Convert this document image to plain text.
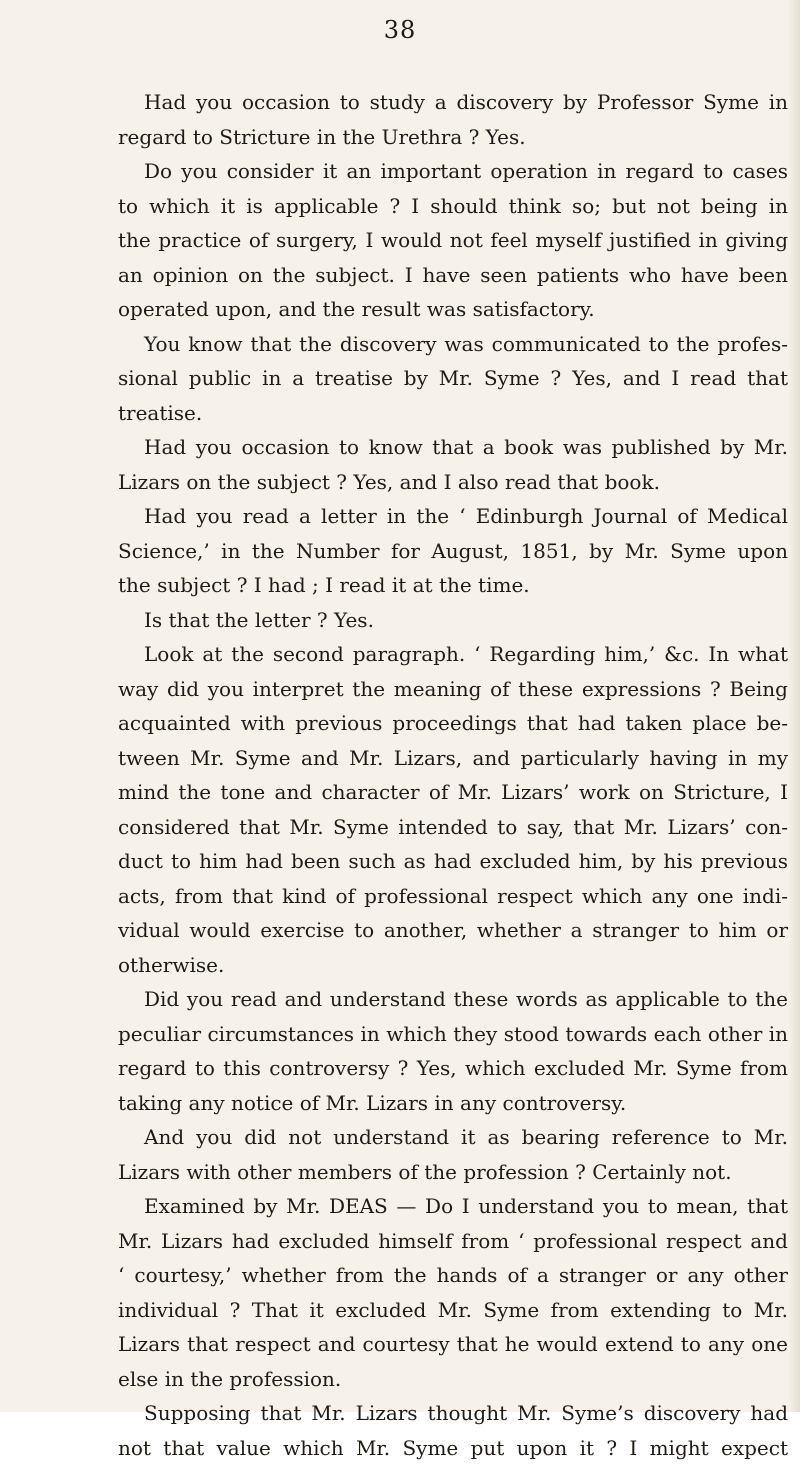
38
Had you occasion to study a discovery by Professor Syme in
regard to Stricture in the Urethra ? Yes.
Do you consider it an important operation in regard to cases
to which it is applicable ? I should think so; but not being in
the practice of surgery, I would not feel myself justified in giving
an opinion on the subject. I have seen patients who have been
operated upon, and the result was satisfactory.
You know that the discovery was communicated to the profes-
sional public in a treatise by Mr. Syme ? Yes, and I read that
treatise.
Had you occasion to know that a book was published by Mr.
Lizars on the subject ? Yes, and I also read that book.
Had you read a letter in the ‘ Edinburgh Journal of Medical
Science,’ in the Number for August, 1851, by Mr. Syme upon
the subject ? I had ; I read it at the time.
Is that the letter ? Yes.
Look at the second paragraph. ‘ Regarding him,’ &c. In what
way did you interpret the meaning of these expressions ? Being
acquainted with previous proceedings that had taken place be-
tween Mr. Syme and Mr. Lizars, and particularly having in my
mind the tone and character of Mr. Lizars’ work on Stricture, I
considered that Mr. Syme intended to say, that Mr. Lizars’ con-
duct to him had been such as had excluded him, by his previous
acts, from that kind of professional respect which any one indi-
vidual would exercise to another, whether a stranger to him or
otherwise.
Did you read and understand these words as applicable to the
peculiar circumstances in which they stood towards each other in
regard to this controversy ? Yes, which excluded Mr. Syme from
taking any notice of Mr. Lizars in any controversy.
And you did not understand it as bearing reference to Mr.
Lizars with other members of the profession ? Certainly not.
Examined by Mr. DEAS — Do I understand you to mean, that
Mr. Lizars had excluded himself from ‘ professional respect and
‘ courtesy,’ whether from the hands of a stranger or any other
individual ? That it excluded Mr. Syme from extending to Mr.
Lizars that respect and courtesy that he would extend to any one
else in the profession.
Supposing that Mr. Lizars thought Mr. Syme’s discovery had
not that value which Mr. Syme put upon it ? I might expect
